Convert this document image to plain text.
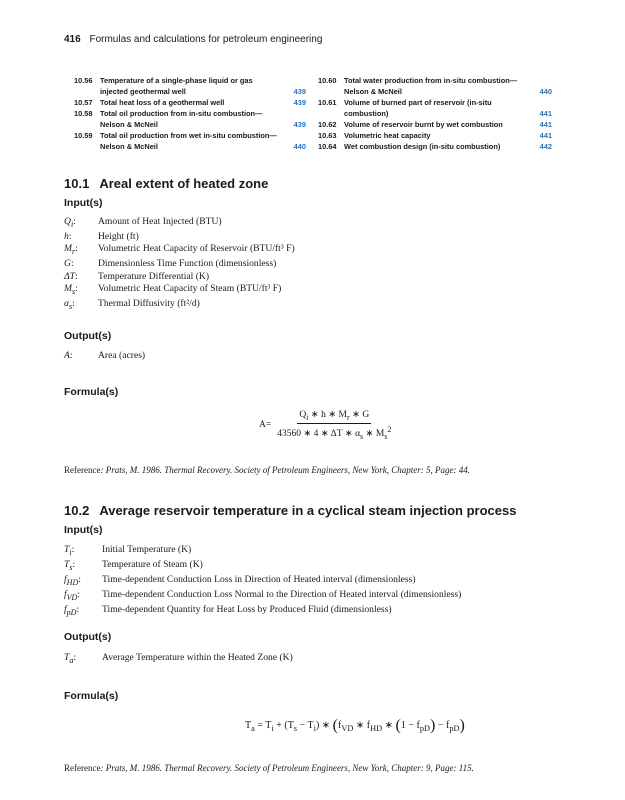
416 Formulas and calculations for petroleum engineering
10.56 Temperature of a single-phase liquid or gas injected geothermal well	439
10.57 Total heat loss of a geothermal well	439
10.58 Total oil production from in-situ combustion—Nelson & McNeil	439
10.59 Total oil production from wet in-situ combustion—Nelson & McNeil	440
10.60 Total water production from in-situ combustion—Nelson & McNeil	440
10.61 Volume of burned part of reservoir (in-situ combustion)	441
10.62 Volume of reservoir burnt by wet combustion	441
10.63 Volumetric heat capacity	441
10.64 Wet combustion design (in-situ combustion)	442
10.1 Areal extent of heated zone
Input(s)
$Q_i$: Amount of Heat Injected (BTU)
h:	Height (ft)
$M_r$: Volumetric Heat Capacity of Reservoir (BTU/ft³ F)
G:	Dimensionless Time Function (dimensionless)
ΔT: Temperature Differential (K)
$M_s$: Volumetric Heat Capacity of Steam (BTU/ft³ F)
$\alpha_s$: Thermal Diffusivity (ft²/d)
Output(s)
A:	Area (acres)
Formula(s)
$A= \frac{Q_i ∗ h ∗ M_r ∗ G}{43560 ∗ 4 ∗ \Delta T ∗ \alpha_s ∗ M_s^2}$
Reference: Prats, M. 1986. Thermal Recovery. Society of Petroleum Engineers, New York, Chapter: 5, Page: 44.
10.2 Average reservoir temperature in a cyclical steam injection process
Input(s)
$T_i$:	Initial Temperature (K)
$T_s$:	Temperature of Steam (K)
$f_{HD}$: Time-dependent Conduction Loss in Direction of Heated interval (dimensionless)
$f_{VD}$: Time-dependent Conduction Loss Normal to the Direction of Heated interval (dimensionless)
$f_{pD}$: Time-dependent Quantity for Heat Loss by Produced Fluid (dimensionless)
Output(s)
$T_a$:	Average Temperature within the Heated Zone (K)
Formula(s)
$T_a = T_i + (T_s - T_i)$ ∗ ($f_{VD}$ ∗ $f_{HD}$ ∗ $(1 - f_{pD}) - f_{pD}$)
Reference: Prats, M. 1986. Thermal Recovery. Society of Petroleum Engineers, New York, Chapter: 9, Page: 115.
